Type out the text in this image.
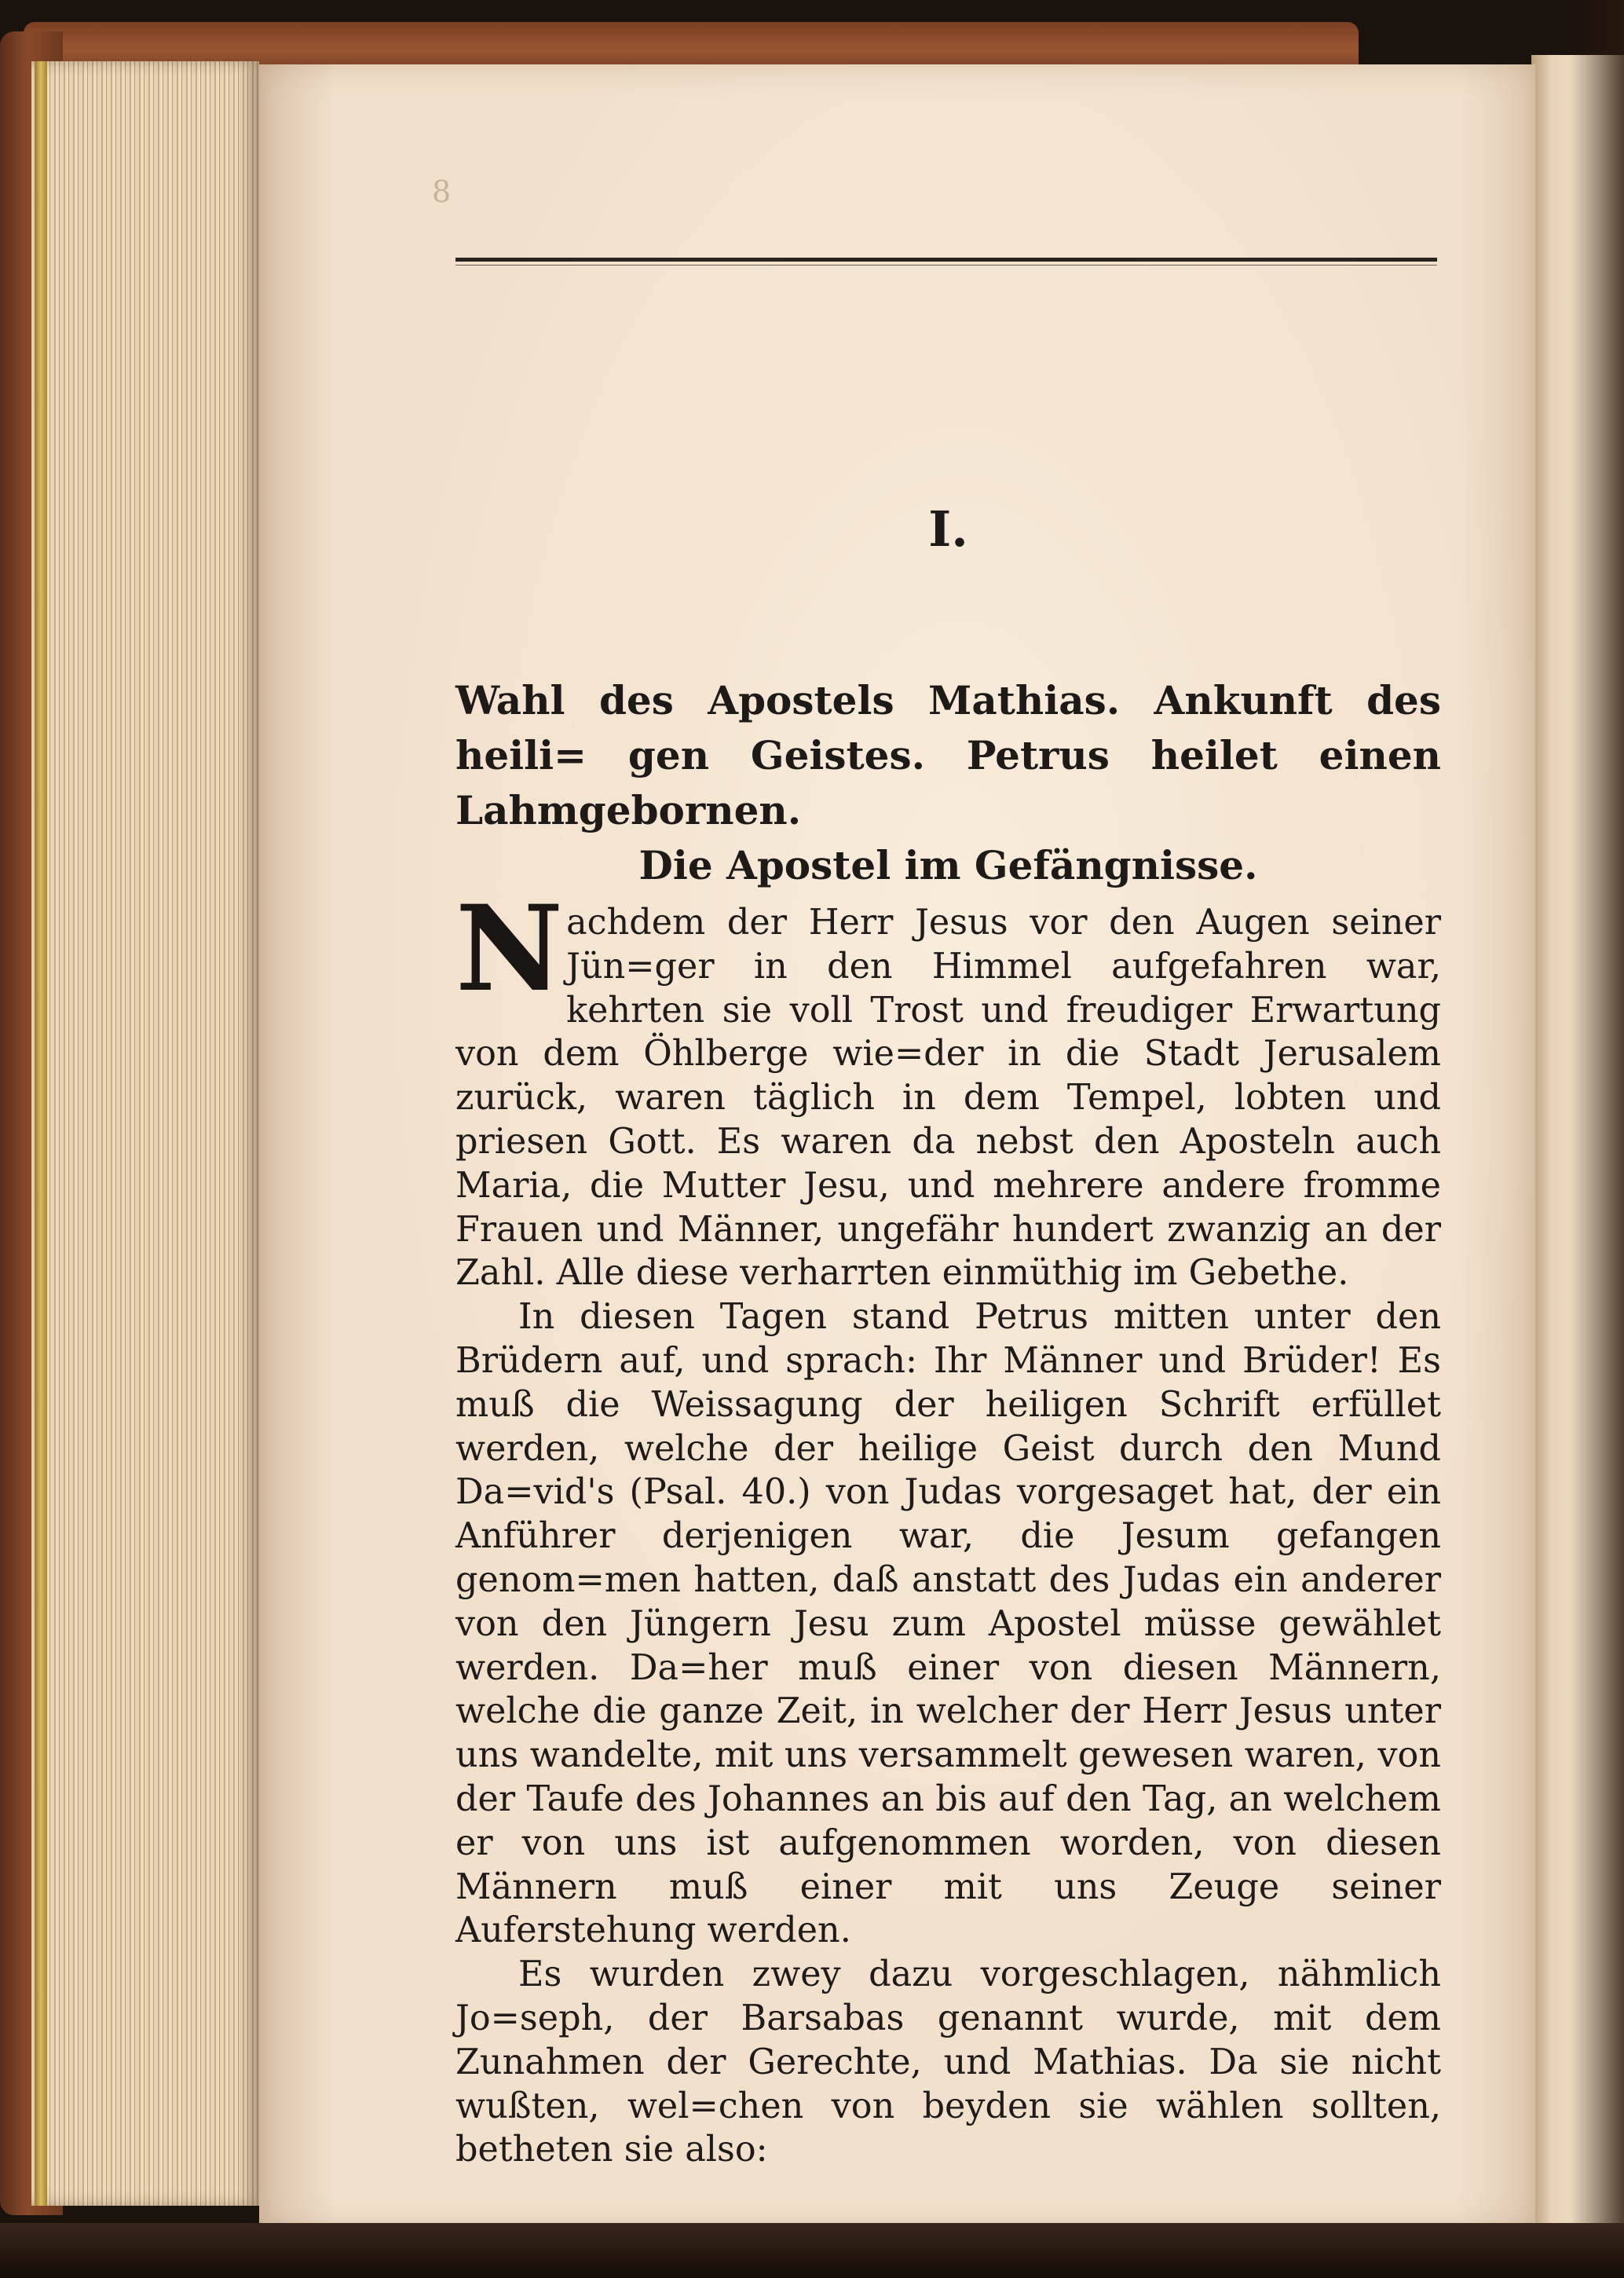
8
I.
Wahl des Apostels Mathias. Ankunft des heili= gen Geistes. Petrus heilet einen Lahmgebornen.
Die Apostel im Gefängnisse.

Nachdem der Herr Jesus vor den Augen seiner Jün=ger in den Himmel aufgefahren war, kehrten sie voll Trost und freudiger Erwartung von dem Öhlberge wie=der in die Stadt Jerusalem zurück, waren täglich in dem Tempel, lobten und priesen Gott. Es waren da nebst den Aposteln auch Maria, die Mutter Jesu, und mehrere andere fromme Frauen und Männer, ungefähr hundert zwanzig an der Zahl. Alle diese verharrten einmüthig im Gebethe.

In diesen Tagen stand Petrus mitten unter den Brüdern auf, und sprach: Ihr Männer und Brüder! Es muß die Weissagung der heiligen Schrift erfüllet werden, welche der heilige Geist durch den Mund Da=vid's (Psal. 40.) von Judas vorgesaget hat, der ein Anführer derjenigen war, die Jesum gefangen genom=men hatten, daß anstatt des Judas ein anderer von den Jüngern Jesu zum Apostel müsse gewählet werden. Da=her muß einer von diesen Männern, welche die ganze Zeit, in welcher der Herr Jesus unter uns wandelte, mit uns versammelt gewesen waren, von der Taufe des Johannes an bis auf den Tag, an welchem er von uns ist aufgenommen worden, von diesen Männern muß einer mit uns Zeuge seiner Auferstehung werden.

Es wurden zwey dazu vorgeschlagen, nähmlich Jo=seph, der Barsabas genannt wurde, mit dem Zunahmen der Gerechte, und Mathias. Da sie nicht wußten, wel=chen von beyden sie wählen sollten, betheten sie also:
